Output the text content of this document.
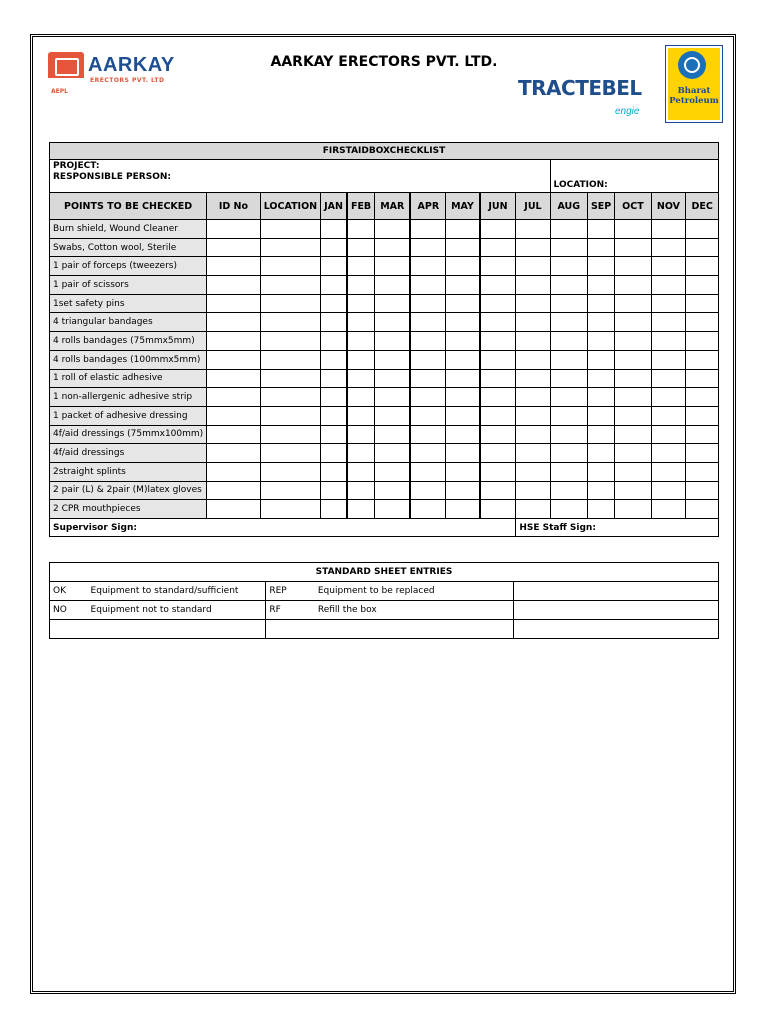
AEPL
AARKAY
ERECTORS PVT. LTD
AARKAY ERECTORS PVT. LTD.
TRACTEBEL
engie
Bharat
Petroleum
FIRSTAIDBOXCHECKLIST														
PROJECT:										LOCATION:				
RESPONSIBLE PERSON:														
POINTS TO BE CHECKED	ID No	LOCATION	JAN	FEB	MAR	APR	MAY	JUN	JUL	AUG	SEP	OCT	NOV	DEC
Burn shield, Wound Cleaner														
Swabs, Cotton wool, Sterile														
1 pair of forceps (tweezers)														
1 pair of scissors														
1set safety pins														
4 triangular bandages														
4 rolls bandages (75mmx5mm)														
4 rolls bandages (100mmx5mm)														
1 roll of elastic adhesive														
1 non-allergenic adhesive strip														
1 packet of adhesive dressing														
4f/aid dressings (75mmx100mm)														
4f/aid dressings														
2straight splints														
2 pair (L) & 2pair (M)latex gloves														
2 CPR mouthpieces														
Supervisor Sign:									HSE Staff Sign:					
STANDARD SHEET ENTRIES				
OK	Equipment to standard/sufficient	REP	Equipment to be replaced	
NO	Equipment not to standard	RF	Refill the box	
